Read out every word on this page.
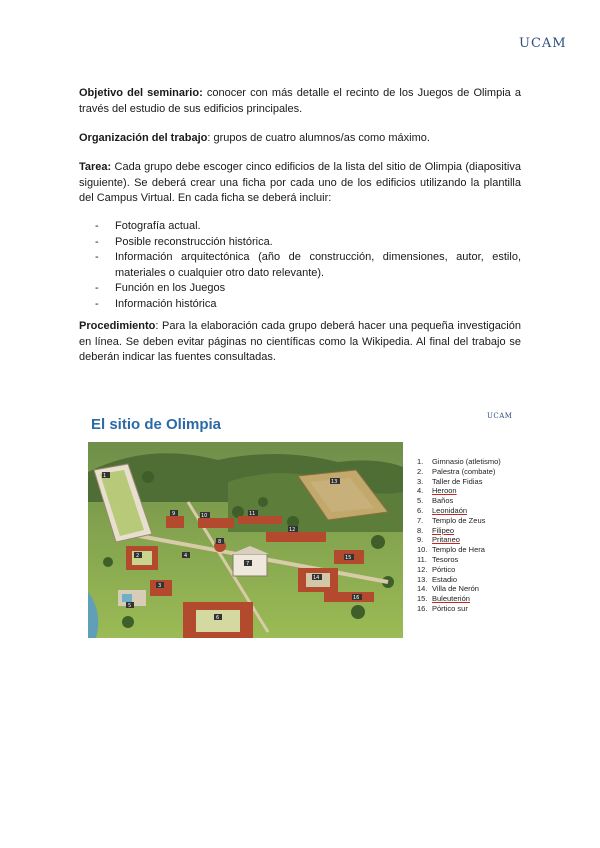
UCAM
Objetivo del seminario: conocer con más detalle el recinto de los Juegos de Olimpia a través del estudio de sus edificios principales.
Organización del trabajo: grupos de cuatro alumnos/as como máximo.
Tarea: Cada grupo debe escoger cinco edificios de la lista del sitio de Olimpia (diapositiva siguiente). Se deberá crear una ficha por cada uno de los edificios utilizando la plantilla del Campus Virtual. En cada ficha se deberá incluir:
- Fotografía actual.
- Posible reconstrucción histórica.
- Información arquitectónica (año de construcción, dimensiones, autor, estilo, materiales o cualquier otro dato relevante).
- Función en los Juegos
- Información histórica
Procedimiento: Para la elaboración cada grupo deberá hacer una pequeña investigación en línea. Se deben evitar páginas no científicas como la Wikipedia. Al final del trabajo se deberán indicar las fuentes consultadas.
El sitio de Olimpia	UCAM
1
2
3
4
5
6
7
8
9	10	11
12
13
14
15
16
1. Gimnasio (atletismo)
2. Palestra (combate)
3. Taller de Fidias
4. Heroon
5. Baños
6. Leonidaón
7. Templo de Zeus
8. Filipeo
9. Pritaneo
10. Templo de Hera
11. Tesoros
12. Pórtico
13. Estadio
14. Villa de Nerón
15. Buleuterión
16. Pórtico sur
